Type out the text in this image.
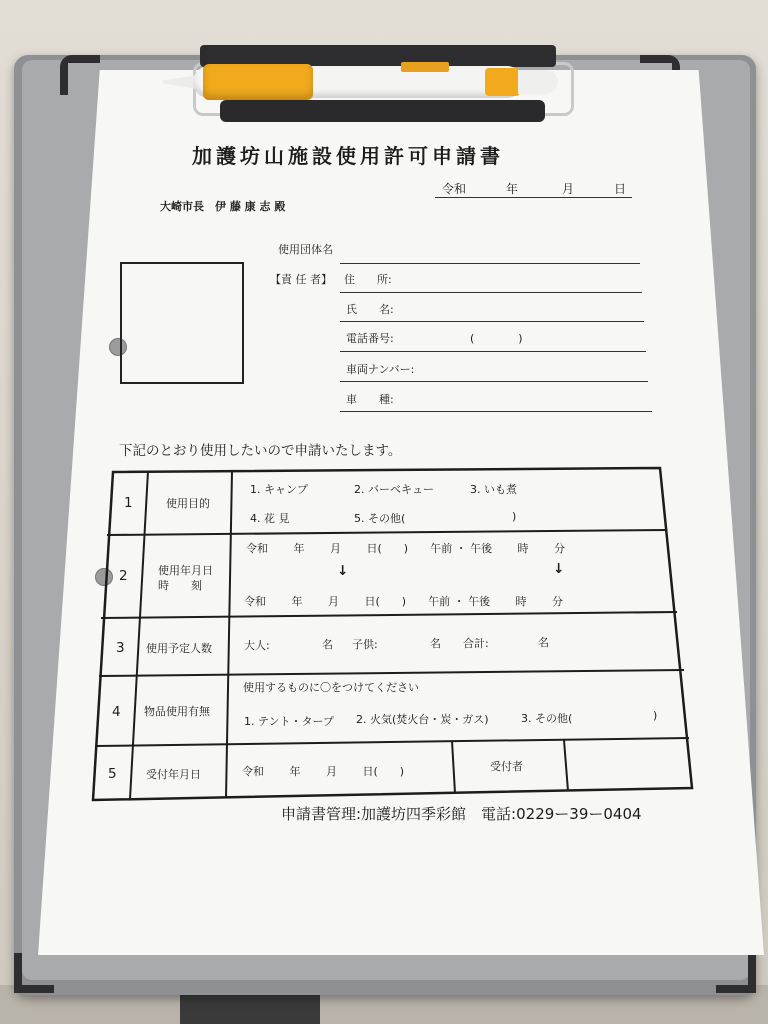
加護坊山施設使用許可申請書
令和	年	月	日
大崎市長　伊 藤 康 志 殿
使用団体名
【責 任 者】 住　　所:
氏　　名:
電話番号:	(　　　　)
車両ナンバー:
車　　種:
下記のとおり使用したいので申請いたします。
1	使用目的
1. キャンプ	2. バーベキュー	3. いも煮
4. 花 見	5. その他(	)
2	使用年月日
時　　刻
令和　　 年　　 月　　 日(　　)　　午前 ・ 午後　　 時　　 分
↓	↓
令和　　 年　　 月　　 日(　　)　　午前 ・ 午後　　 時　　 分
3 使用予定人数	大人:	名 子供:	名 合計:	名
4 物品使用有無
使用するものに〇をつけてください
1. テント・タープ 2. 火気(焚火台・炭・ガス)	3. その他(	)
5	受付年月日	令和　　 年　　 月　　 日(　　)	受付者
申請書管理:加護坊四季彩館　電話:0229ー39ー0404
